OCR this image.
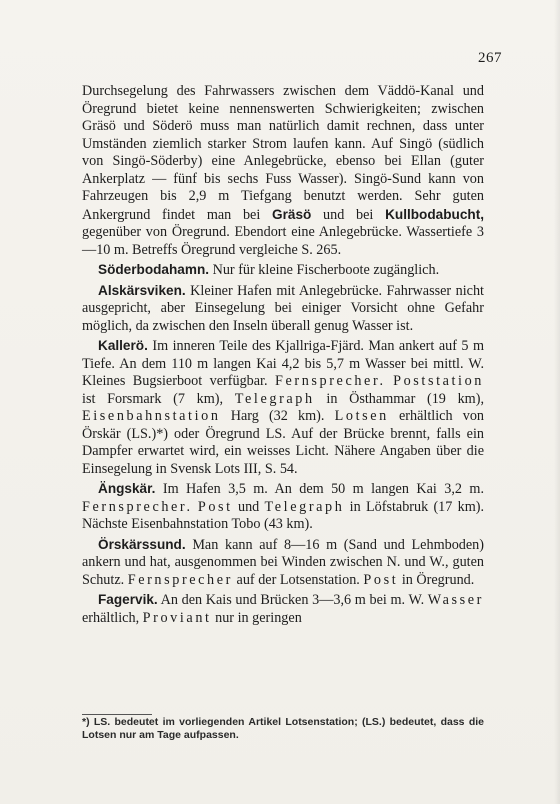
267

Durchsegelung des Fahrwassers zwischen dem Väddö-Kanal und Öregrund bietet keine nennenswerten Schwierigkeiten; zwischen Gräsö und Söderö muss man natürlich damit rechnen, dass unter Umständen ziemlich starker Strom laufen kann. Auf Singö (südlich von Singö-Söderby) eine Anlegebrücke, ebenso bei Ellan (guter Ankerplatz — fünf bis sechs Fuss Wasser). Singö-Sund kann von Fahrzeugen bis 2,9 m Tiefgang benutzt werden. Sehr guten Ankergrund findet man bei Gräsö und bei Kullbodabucht, gegenüber von Öregrund. Ebendort eine Anlegebrücke. Wassertiefe 3—10 m. Betreffs Öregrund vergleiche S. 265.

Söderbodahamn. Nur für kleine Fischerboote zugänglich.

Alskärsviken. Kleiner Hafen mit Anlegebrücke. Fahrwasser nicht ausgepricht, aber Einsegelung bei einiger Vorsicht ohne Gefahr möglich, da zwischen den Inseln überall genug Wasser ist.

Kallerö. Im inneren Teile des Kjallriga-Fjärd. Man ankert auf 5 m Tiefe. An dem 110 m langen Kai 4,2 bis 5,7 m Wasser bei mittl. W. Kleines Bugsierboot verfügbar. Fernsprecher. Poststation ist Forsmark (7 km), Telegraph in Östhammar (19 km), Eisenbahnstation Harg (32 km). Lotsen erhältlich von Örskär (LS.)*) oder Öregrund LS. Auf der Brücke brennt, falls ein Dampfer erwartet wird, ein weisses Licht. Nähere Angaben über die Einsegelung in Svensk Lots III, S. 54.

Ängskär. Im Hafen 3,5 m. An dem 50 m langen Kai 3,2 m. Fernsprecher. Post und Telegraph in Löfstabruk (17 km). Nächste Eisenbahnstation Tobo (43 km).

Örskärssund. Man kann auf 8—16 m (Sand und Lehmboden) ankern und hat, ausgenommen bei Winden zwischen N. und W., guten Schutz. Fernsprecher auf der Lotsenstation. Post in Öregrund.

Fagervik. An den Kais und Brücken 3—3,6 m bei m. W. Wasser erhältlich, Proviant nur in geringen

*) LS. bedeutet im vorliegenden Artikel Lotsenstation; (LS.) bedeutet, dass die Lotsen nur am Tage aufpassen.
